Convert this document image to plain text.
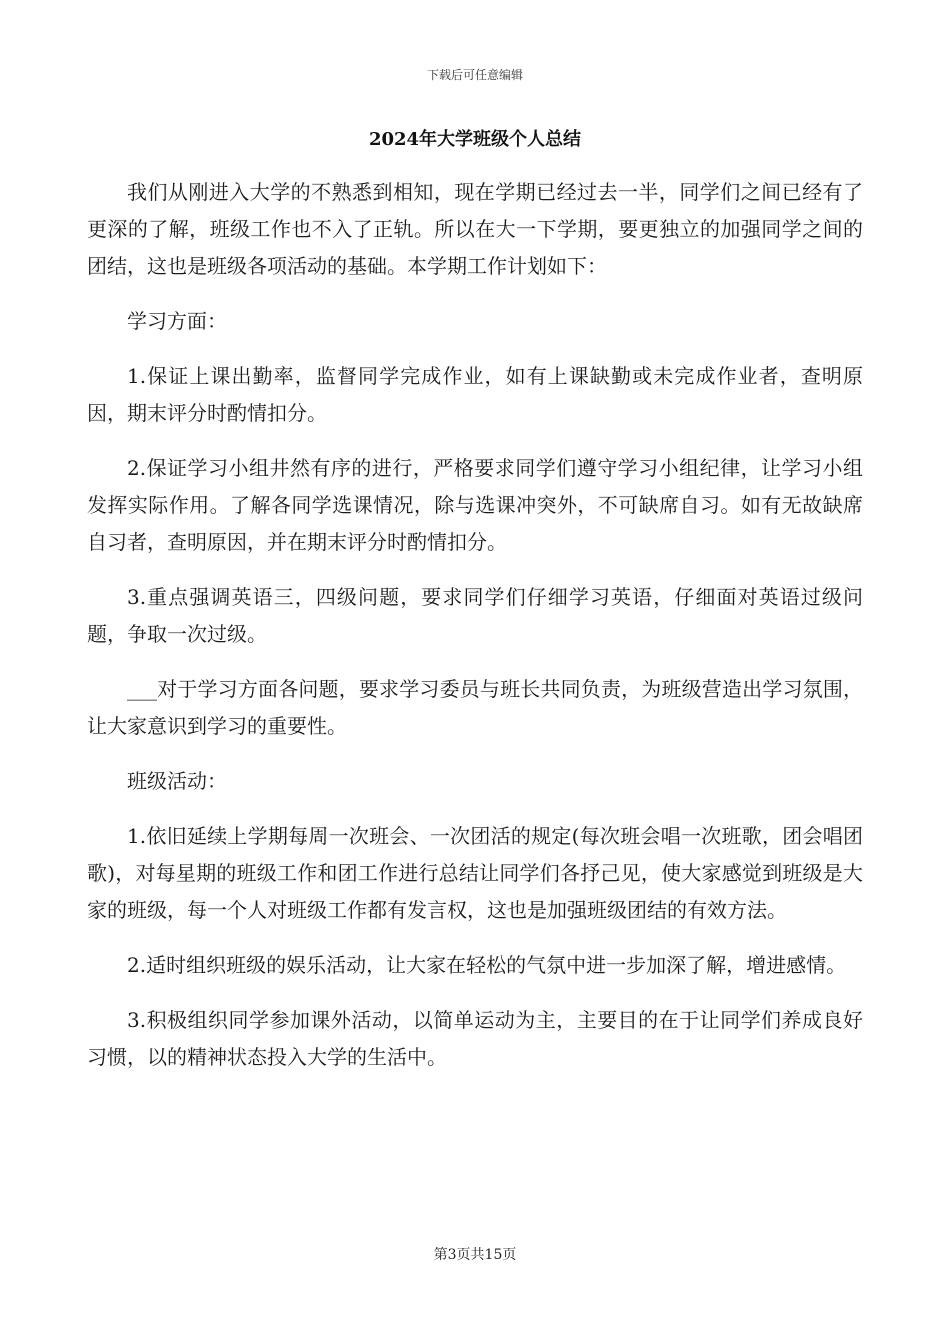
下载后可任意编辑
2024年大学班级个人总结

我们从刚进入大学的不熟悉到相知，现在学期已经过去一半，同学们之间已经有了更深的了解，班级工作也不入了正轨。所以在大一下学期，要更独立的加强同学之间的团结，这也是班级各项活动的基础。本学期工作计划如下：

学习方面：

1.保证上课出勤率，监督同学完成作业，如有上课缺勤或未完成作业者，查明原因，期末评分时酌情扣分。

2.保证学习小组井然有序的进行，严格要求同学们遵守学习小组纪律，让学习小组发挥实际作用。了解各同学选课情况，除与选课冲突外，不可缺席自习。如有无故缺席自习者，查明原因，并在期末评分时酌情扣分。

3.重点强调英语三，四级问题，要求同学们仔细学习英语，仔细面对英语过级问题，争取一次过级。

___对于学习方面各问题，要求学习委员与班长共同负责，为班级营造出学习氛围，让大家意识到学习的重要性。

班级活动：

1.依旧延续上学期每周一次班会、一次团活的规定(每次班会唱一次班歌，团会唱团歌)，对每星期的班级工作和团工作进行总结让同学们各抒己见，使大家感觉到班级是大家的班级，每一个人对班级工作都有发言权，这也是加强班级团结的有效方法。

2.适时组织班级的娱乐活动，让大家在轻松的气氛中进一步加深了解，增进感情。

3.积极组织同学参加课外活动，以简单运动为主，主要目的在于让同学们养成良好习惯，以的精神状态投入大学的生活中。

第3页共15页
